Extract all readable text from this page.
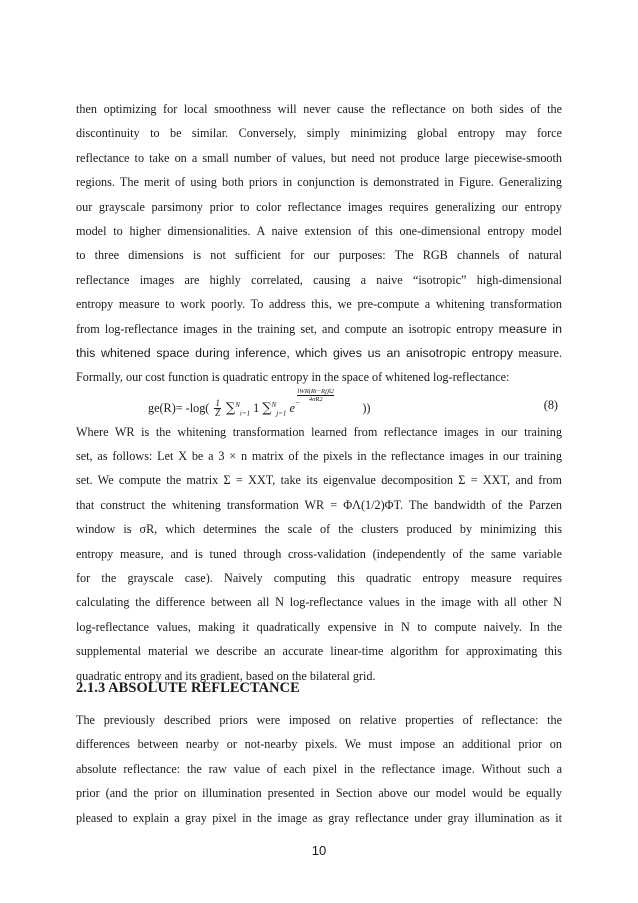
then optimizing for local smoothness will never cause the reflectance on both sides of the
discontinuity to be similar. Conversely, simply minimizing global entropy may force
reflectance to take on a small number of values, but need not produce large piecewise-smooth
regions. The merit of using both priors in conjunction is demonstrated in Figure. Generalizing
our grayscale parsimony prior to color reflectance images requires generalizing our entropy
model to higher dimensionalities. A naive extension of this one-dimensional entropy model
to three dimensions is not sufficient for our purposes: The RGB channels of natural
reflectance images are highly correlated, causing a naive “isotropic” high-dimensional
entropy measure to work poorly. To address this, we pre-compute a whitening transformation
from log-reflectance images in the training set, and compute an isotropic entropy measure in
this whitened space during inference, which gives us an anisotropic entropy measure.
Formally, our cost function is quadratic entropy in the space of whitened log-reflectance:
$ge(R)= -\log( \frac{1}{Z} \sum^N_{i=1}$ 1 ∑$^N_{j=1}$ e−
$\frac{‖WR(Ri-Rj)‖2}{4\sigma R2}$
))	(8)
Where WR is the whitening transformation learned from reflectance images in our training
set, as follows: Let X be a 3 × n matrix of the pixels in the reflectance images in our training
set. We compute the matrix Σ = XXT, take its eigenvalue decomposition Σ = XXT, and from
that construct the whitening transformation WR = ΦΛ(1/2)ΦT. The bandwidth of the Parzen
window is σR, which determines the scale of the clusters produced by minimizing this
entropy measure, and is tuned through cross-validation (independently of the same variable
for the grayscale case). Naively computing this quadratic entropy measure requires
calculating the difference between all N log-reflectance values in the image with all other N
log-reflectance values, making it quadratically expensive in N to compute naively. In the
supplemental material we describe an accurate linear-time algorithm for approximating this
quadratic entropy and its gradient, based on the bilateral grid.
2.1.3 ABSOLUTE REFLECTANCE
The previously described priors were imposed on relative properties of reflectance: the
differences between nearby or not-nearby pixels. We must impose an additional prior on
absolute reflectance: the raw value of each pixel in the reflectance image. Without such a
prior (and the prior on illumination presented in Section above our model would be equally
pleased to explain a gray pixel in the image as gray reflectance under gray illumination as it
10
